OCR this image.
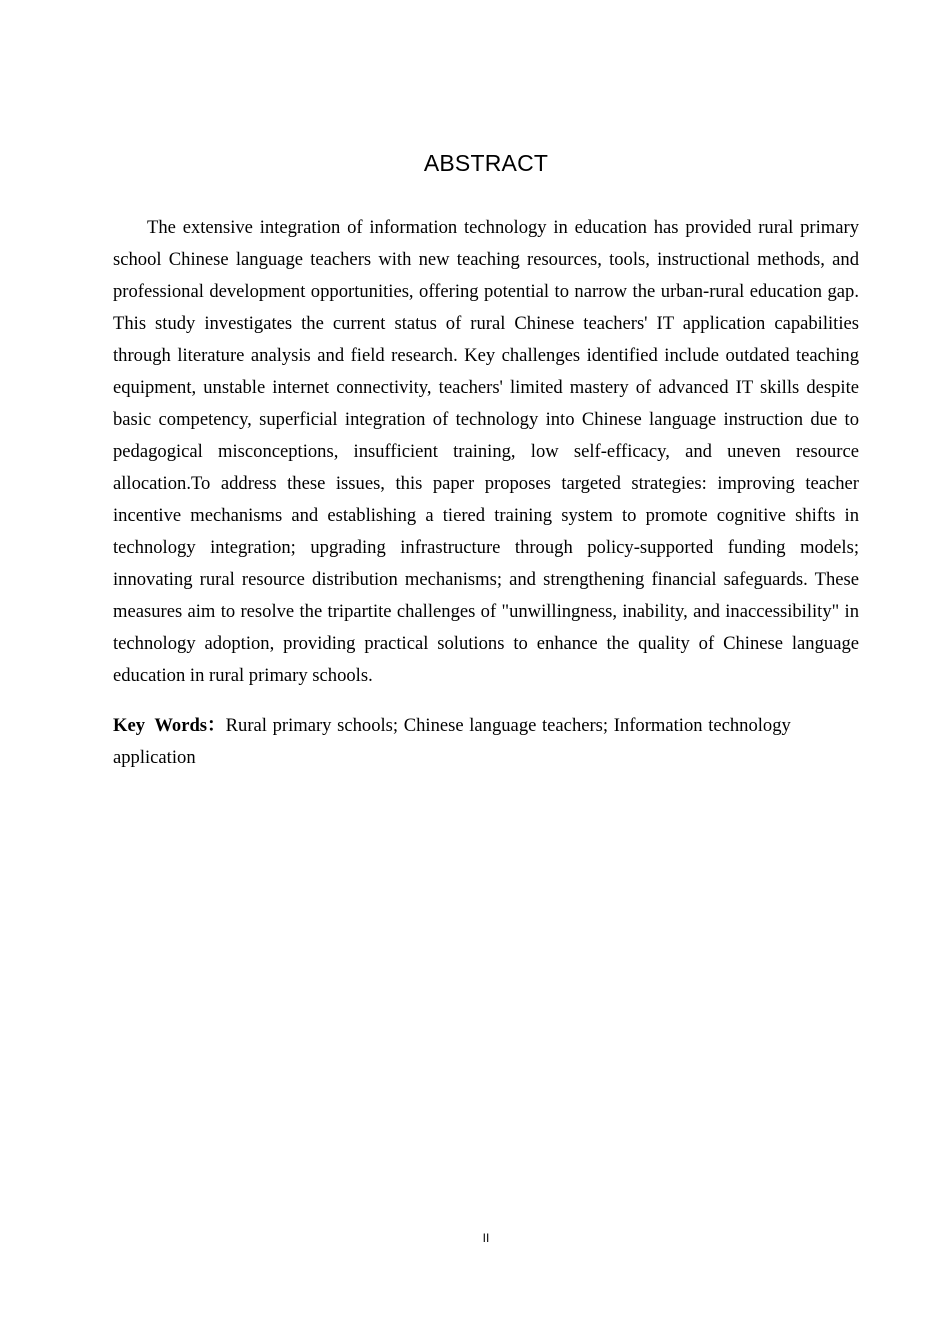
ABSTRACT

The extensive integration of information technology in education has provided rural primary school Chinese language teachers with new teaching resources, tools, instructional methods, and professional development opportunities, offering potential to narrow the urban-rural education gap. This study investigates the current status of rural Chinese teachers' IT application capabilities through literature analysis and field research. Key challenges identified include outdated teaching equipment, unstable internet connectivity, teachers' limited mastery of advanced IT skills despite basic competency, superficial integration of technology into Chinese language instruction due to pedagogical misconceptions, insufficient training, low self-efficacy, and uneven resource allocation.To address these issues, this paper proposes targeted strategies: improving teacher incentive mechanisms and establishing a tiered training system to promote cognitive shifts in technology integration; upgrading infrastructure through policy-supported funding models; innovating rural resource distribution mechanisms; and strengthening financial safeguards. These measures aim to resolve the tripartite challenges of "unwillingness, inability, and inaccessibility" in technology adoption, providing practical solutions to enhance the quality of Chinese language education in rural primary schools.

Key Words：Rural primary schools; Chinese language teachers; Information technology application

II
